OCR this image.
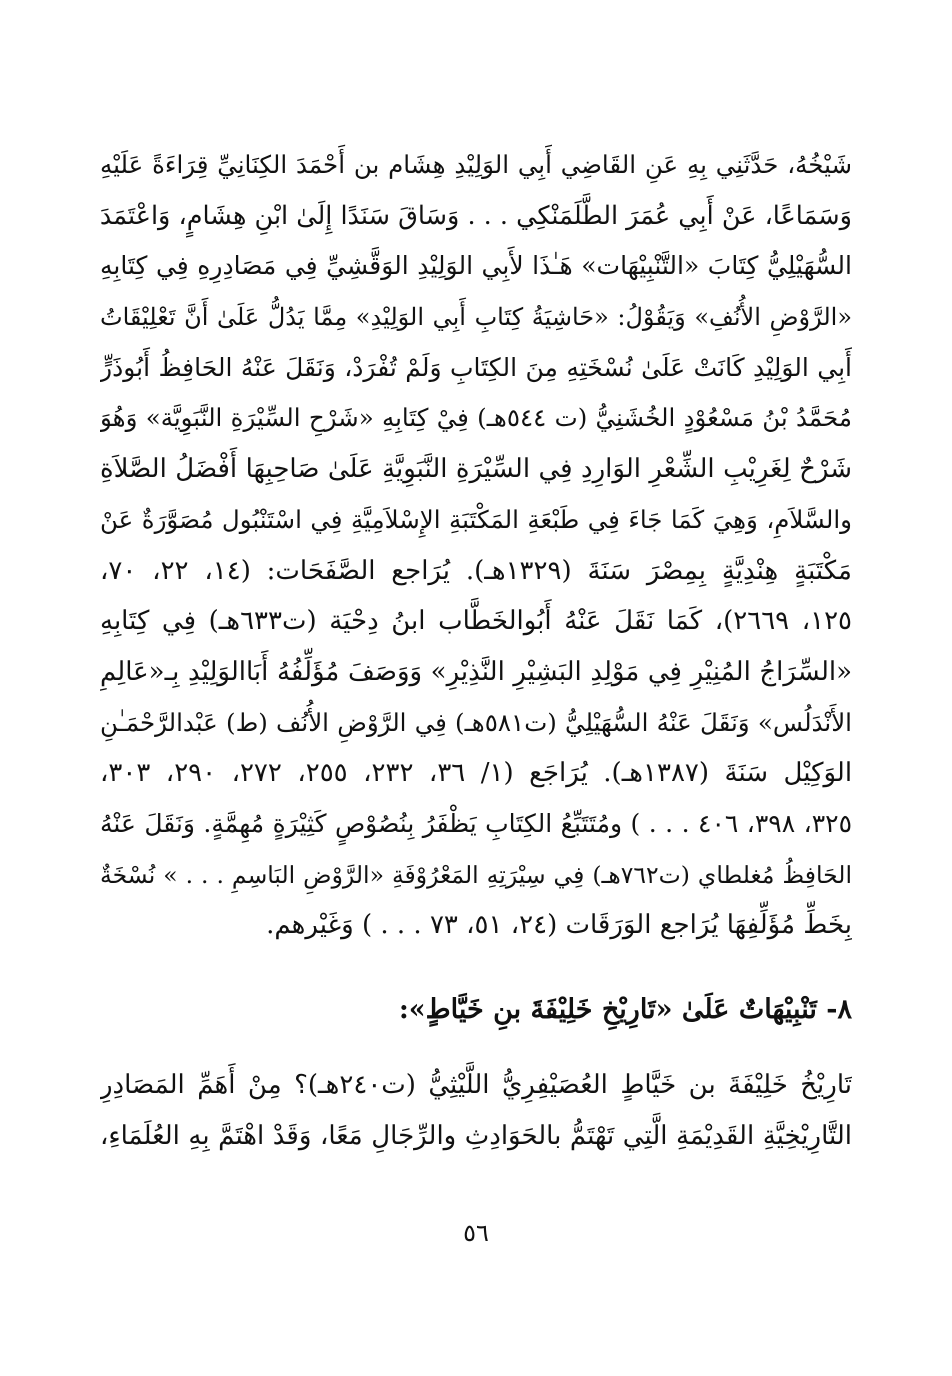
شَيْخُهُ، حَدَّثَنِي بِهِ عَنِ القَاضِي أَبِي الوَلِيْدِ هِشَام بن أَحْمَدَ الكِنَانِيِّ قِرَاءَةً عَلَيْهِ
وَسَمَاعًا، عَنْ أَبِي عُمَرَ الطَّلَمَنْكِي . . . وَسَاقَ سَنَدًا إِلَىٰ ابْنِ هِشَامٍ، وَاعْتَمَدَ
السُّهَيْلِيُّ كِتَابَ «التَّنْبِيْهَات» هَـٰذَا لأَبِي الوَلِيْدِ الوَقَّشِيِّ فِي مَصَادِرِهِ فِي كِتَابِهِ
«الرَّوْضِ الأُنُفِ» وَيَقُوْلُ: «حَاشِيَةُ كِتَابِ أَبِي الوَلِيْدِ» مِمَّا يَدُلُّ عَلَىٰ أَنَّ تَعْلِيْقَاتُ
أَبِي الوَلِيْدِ كَانَتْ عَلَىٰ نُسْخَتِهِ مِنَ الكِتَابِ وَلَمْ تُفْرَدْ، وَنَقَلَ عَنْهُ الحَافِظُ أَبُوذَرٍّ
مُحَمَّدُ بْنُ مَسْعُوْدٍ الخُشَنِيُّ (ت ٥٤٤هـ) فِيْ كِتَابِهِ «شَرْحِ السِّيْرَةِ النَّبَوِيَّة» وَهُوَ
شَرْحٌ لِغَرِيْبِ الشِّعْرِ الوَارِدِ فِي السِّيْرَةِ النَّبَوِيَّةِ عَلَىٰ صَاحِبِهَا أَفْضَلُ الصَّلاَةِ
والسَّلاَمِ، وَهِيَ كَمَا جَاءَ فِي طَبْعَةِ المَكْتَبَةِ الإِسْلاَمِيَّةِ فِي اسْتَنْبُول مُصَوَّرَةٌ عَنْ
مَكْتَبَةٍ هِنْدِيَّةٍ بِمِصْرَ سَنَةَ (١٣٢٩هـ). يُرَاجع الصَّفَحَات: (١٤، ٢٢، ٧٠،
١٢٥، ٢٦٦٩)، كَمَا نَقَلَ عَنْهُ أَبُوالخَطَّاب ابنُ دِحْيَة (ت٦٣٣هـ) فِي كِتَابِهِ
«السِّرَاجُ المُنِيْرِ فِي مَوْلِدِ البَشِيْرِ النَّذِيْرِ» وَوَصَفَ مُؤَلِّفُهُ أَبَاالوَلِيْدِ بِـ«عَالِمِ
الأَنْدَلُس» وَنَقَلَ عَنْهُ السُّهَيْلِيُّ (ت٥٨١هـ) فِي الرَّوْضِ الأُنُف (ط) عَبْدالرَّحْمَـٰنِ
الوَكِيْل سَنَةَ (١٣٨٧هـ). يُرَاجَع (١/ ٣٦، ٢٣٢، ٢٥٥، ٢٧٢، ٢٩٠، ٣٠٣،
٣٢٥، ٣٩٨، ٤٠٦ . . . ) ومُتَتَبِّعُ الكِتَابِ يَظْفَرُ بِنُصُوْصٍ كَثِيْرَةٍ مُهِمَّةٍ. وَنَقَلَ عَنْهُ
الحَافِظُ مُغلطاي (ت٧٦٢هـ) فِي سِيْرَتِهِ المَعْرُوْفَةِ «الرَّوْضِ البَاسِمِ . . . » نُسْخَةٌ
بِخَطِّ مُؤَلِّفِهَا يُرَاجع الوَرَقَات (٢٤، ٥١، ٧٣ . . . ) وَغَيْرهم.
٨- تَنْبِيْهَاتٌ عَلَىٰ «تَارِيْخِ خَلِيْفَةَ بنِ خَيَّاطٍ»:
تَارِيْخُ خَلِيْفَةَ بن خَيَّاطٍ العُصَيْفِرِيُّ اللَّيْثِيُّ (ت٢٤٠هـ)؟ مِنْ أَهَمِّ المَصَادِرِ
التَّارِيْخِيَّةِ القَدِيْمَةِ الَّتِي تَهْتَمُّ بالحَوَادِثِ والرِّجَالِ مَعًا، وَقَدْ اهْتَمَّ بِهِ العُلَمَاءِ،
٥٦
